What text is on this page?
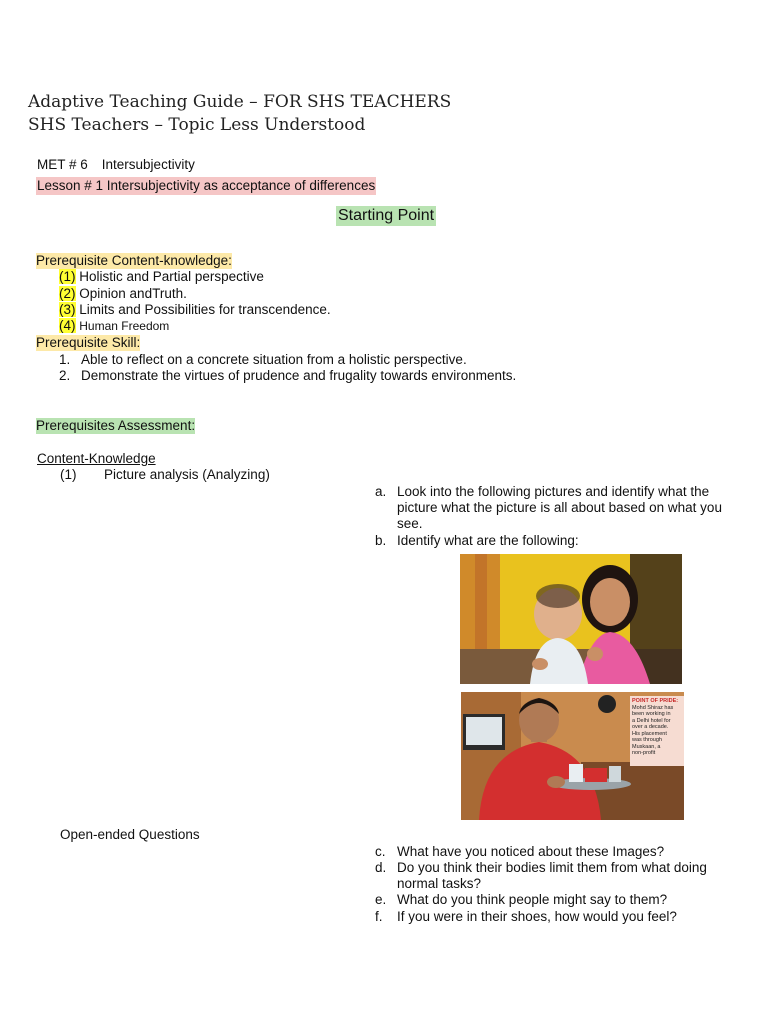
Adaptive Teaching Guide – FOR SHS TEACHERS
SHS Teachers – Topic Less Understood
MET # 6 Intersubjectivity
Lesson # 1 Intersubjectivity as acceptance of differences
Starting Point
Prerequisite Content-knowledge:
(1) Holistic and Partial perspective
(2) Opinion andTruth.
(3) Limits and Possibilities for transcendence.
(4) Human Freedom
Prerequisite Skill:
1. Able to reflect on a concrete situation from a holistic perspective.
2. Demonstrate the virtues of prudence and frugality towards environments.
Prerequisites Assessment:
Content-Knowledge
(1) Picture analysis (Analyzing)
a. Look into the following pictures and identify what the
picture what the picture is all about based on what you
see.
b. Identify what are the following:
POINT OF PRIDE:
Mohd Shiraz has
been working in
a Delhi hotel for
over a decade.
His placement
was through
Muskaan, a
non-profit
Open-ended Questions
c. What have you noticed about these Images?
d. Do you think their bodies limit them from what doing
normal tasks?
e. What do you think people might say to them?
f. If you were in their shoes, how would you feel?
